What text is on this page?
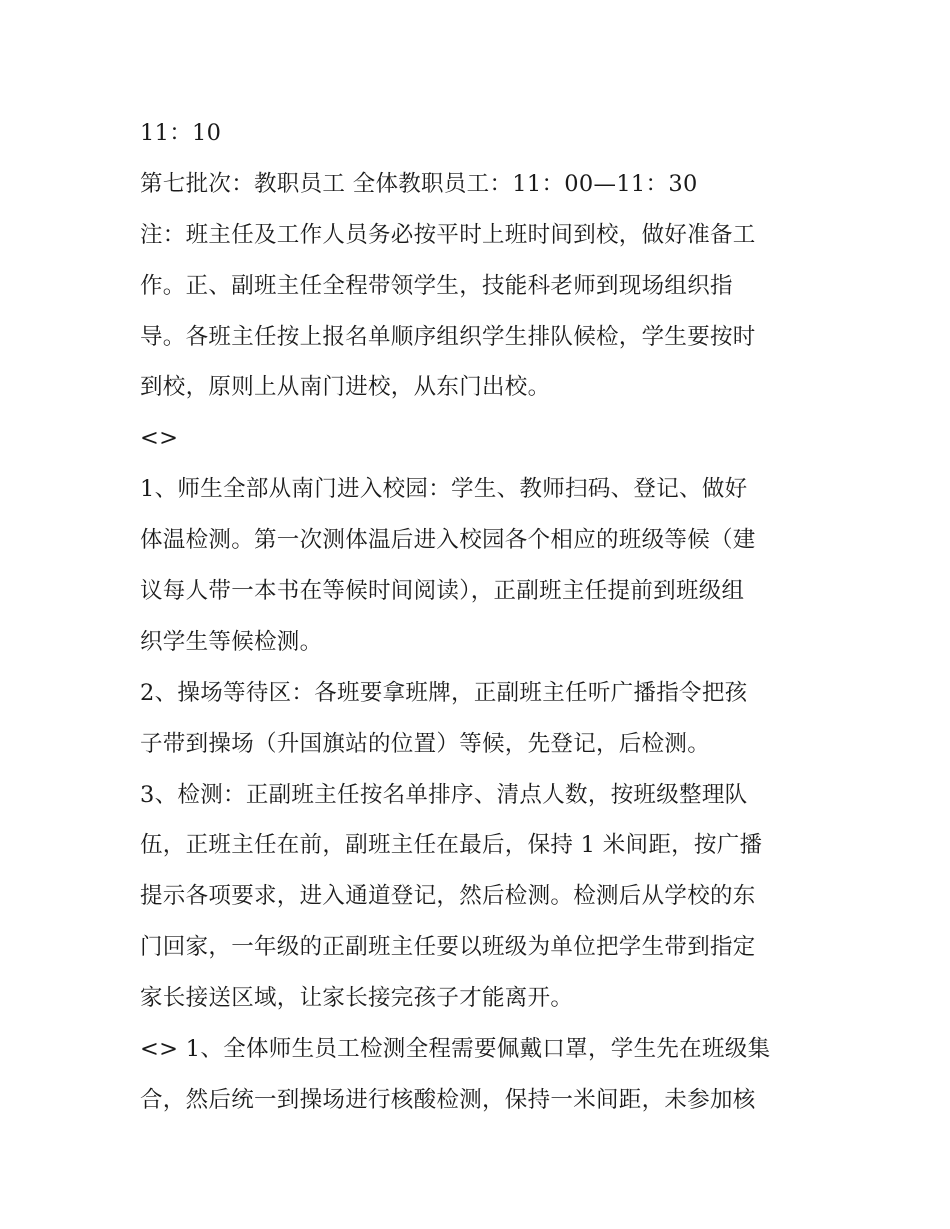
11：10
第七批次：教职员工 全体教职员工：11：00—11：30
注：班主任及工作人员务必按平时上班时间到校，做好准备工
作。正、副班主任全程带领学生，技能科老师到现场组织指
导。各班主任按上报名单顺序组织学生排队候检，学生要按时
到校，原则上从南门进校，从东门出校。
<>
1、师生全部从南门进入校园：学生、教师扫码、登记、做好
体温检测。第一次测体温后进入校园各个相应的班级等候（建
议每人带一本书在等候时间阅读），正副班主任提前到班级组
织学生等候检测。
2、操场等待区：各班要拿班牌，正副班主任听广播指令把孩
子带到操场（升国旗站的位置）等候，先登记，后检测。
3、检测：正副班主任按名单排序、清点人数，按班级整理队
伍，正班主任在前，副班主任在最后，保持 1 米间距，按广播
提示各项要求，进入通道登记，然后检测。检测后从学校的东
门回家，一年级的正副班主任要以班级为单位把学生带到指定
家长接送区域，让家长接完孩子才能离开。
<> 1、全体师生员工检测全程需要佩戴口罩，学生先在班级集
合，然后统一到操场进行核酸检测，保持一米间距，未参加核
